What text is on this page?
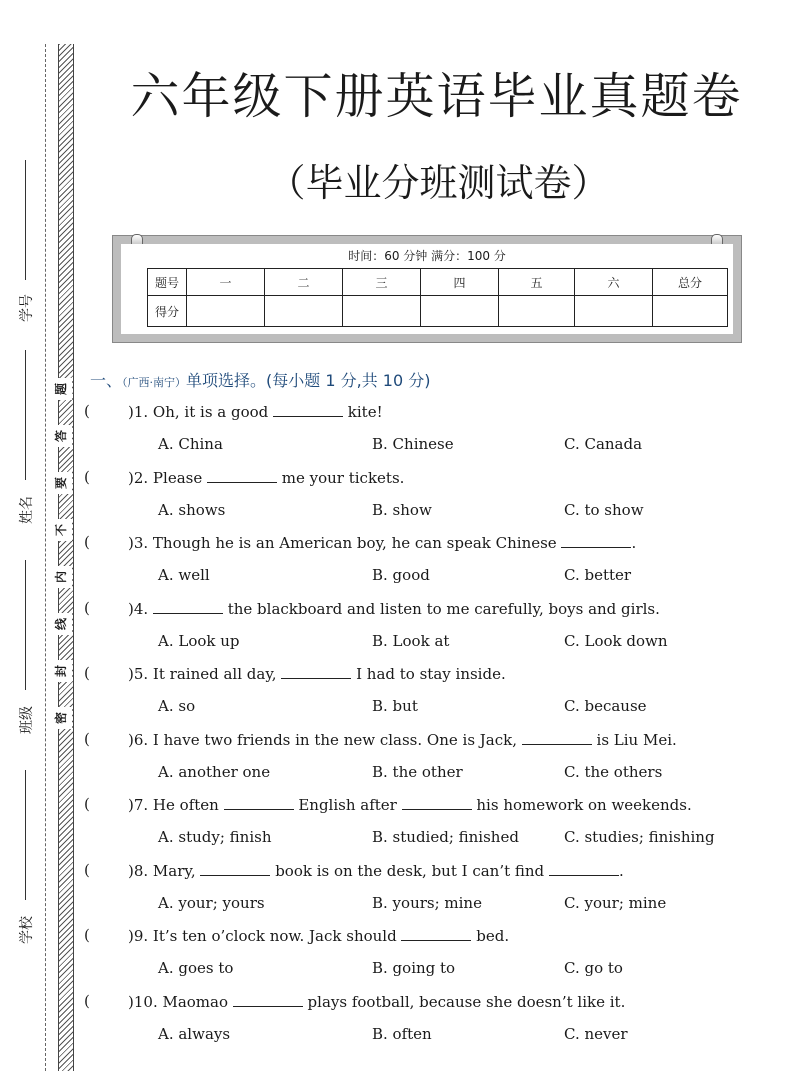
学号
姓名
班级
学校
题
答
要
不
内
线
封
密
六年级下册英语毕业真题卷
（毕业分班测试卷）
时间：60 分钟 满分：100 分
题号	一	二	三	四	五	六	总分
得分							
一、（广西·南宁）单项选择。(每小题 1 分,共 10 分)
(	)1. Oh, it is a good	kite!
A. China	B. Chinese	C. Canada
(	)2. Please	me your tickets.
A. shows	B. show	C. to show
(	)3. Though he is an American boy, he can speak Chinese	.
A. well	B. good	C. better
(	)4.	the blackboard and listen to me carefully, boys and girls.
A. Look up	B. Look at	C. Look down
(	)5. It rained all day,	I had to stay inside.
A. so	B. but	C. because
(	)6. I have two friends in the new class. One is Jack,	is Liu Mei.
A. another one	B. the other	C. the others
(	)7. He often	English after	his homework on weekends.
A. study; finish	B. studied; finished	C. studies; finishing
(	)8. Mary,	book is on the desk, but I can’t find	.
A. your; yours	B. yours; mine	C. your; mine
(	)9. It’s ten o’clock now. Jack should	bed.
A. goes to	B. going to	C. go to
(	)10. Maomao	plays football, because she doesn’t like it.
A. always	B. often	C. never
